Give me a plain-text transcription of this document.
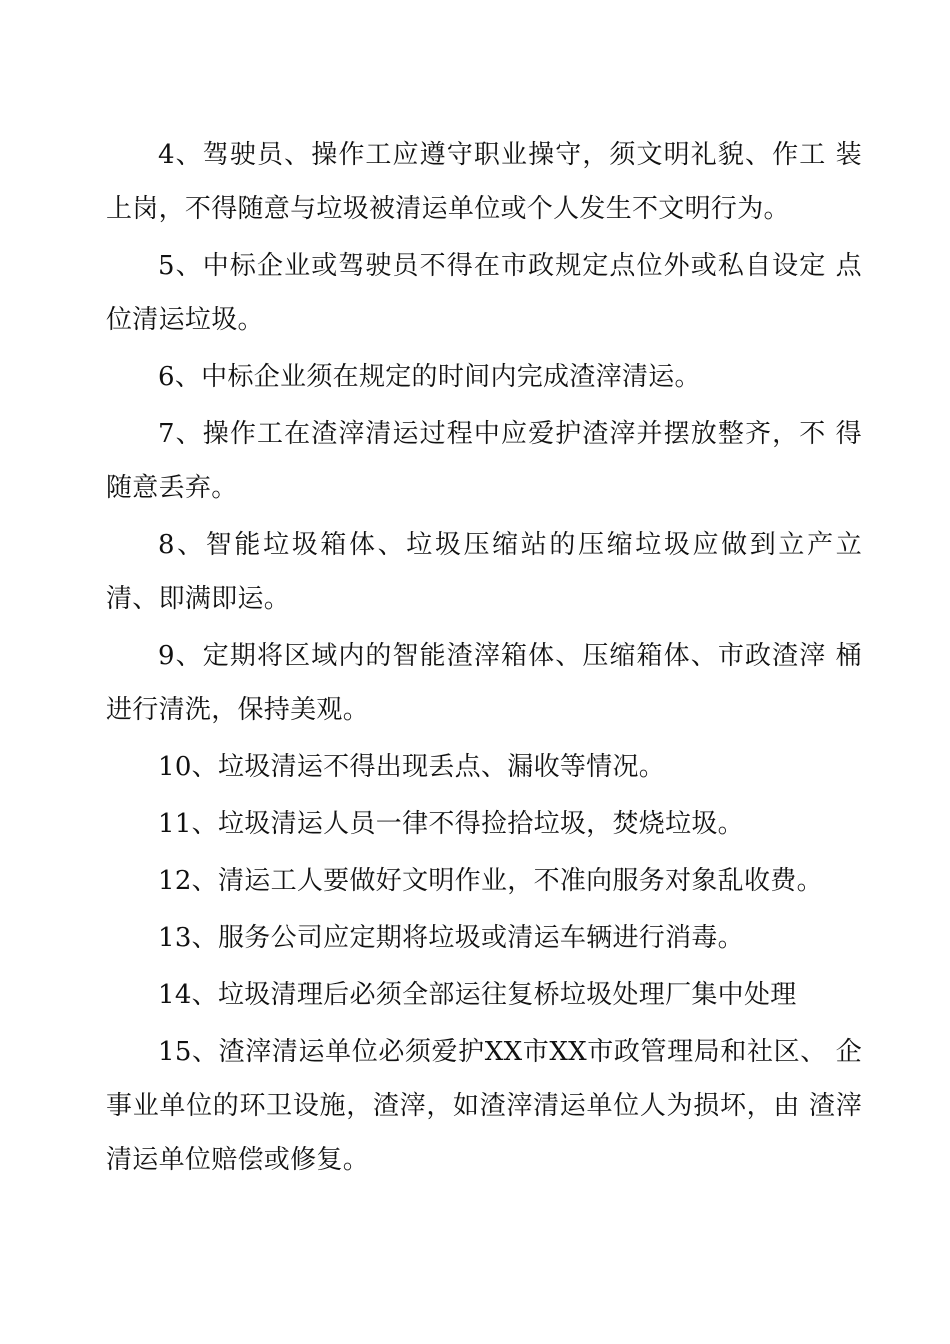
4、驾驶员、操作工应遵守职业操守，须文明礼貌、作工 装上岗，不得随意与垃圾被清运单位或个人发生不文明行为。

5、中标企业或驾驶员不得在市政规定点位外或私自设定 点位清运垃圾。

6、中标企业须在规定的时间内完成渣滓清运。

7、操作工在渣滓清运过程中应爱护渣滓并摆放整齐，不 得随意丢弃。

8、智能垃圾箱体、垃圾压缩站的压缩垃圾应做到立产立 清、即满即运。

9、定期将区域内的智能渣滓箱体、压缩箱体、市政渣滓 桶进行清洗，保持美观。

10、垃圾清运不得出现丢点、漏收等情况。

11、垃圾清运人员一律不得捡拾垃圾，焚烧垃圾。

12、清运工人要做好文明作业，不准向服务对象乱收费。

13、服务公司应定期将垃圾或清运车辆进行消毒。

14、垃圾清理后必须全部运往复桥垃圾处理厂集中处理

15、渣滓清运单位必须爱护XX市XX市政管理局和社区、 企事业单位的环卫设施，渣滓，如渣滓清运单位人为损坏，由 渣滓清运单位赔偿或修复。
